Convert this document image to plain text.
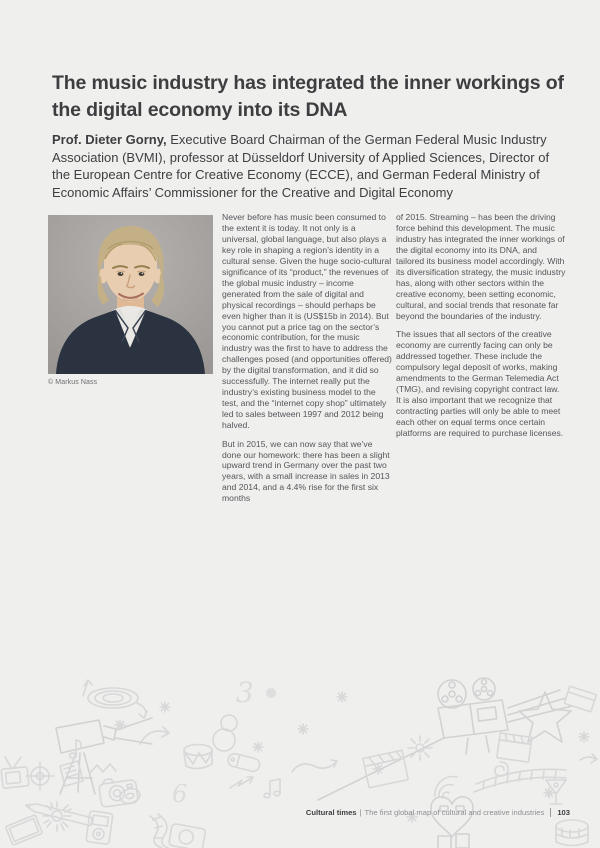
The music industry has integrated the inner workings of the digital economy into its DNA

Prof. Dieter Gorny, Executive Board Chairman of the German Federal Music Industry Association (BVMI), professor at Düsseldorf University of Applied Sciences, Director of the European Centre for Creative Economy (ECCE), and German Federal Ministry of Economic Affairs’ Commissioner for the Creative and Digital Economy

© Markus Nass

Never before has music been consumed to the extent it is today. It not only is a universal, global language, but also plays a key role in shaping a region’s identity in a cultural sense. Given the huge socio-cultural significance of its “product,” the revenues of the global music industry – income generated from the sale of digital and physical recordings – should perhaps be even higher than it is (US$15b in 2014). But you cannot put a price tag on the sector’s economic contribution, for the music industry was the first to have to address the challenges posed (and opportunities offered) by the digital transformation, and it did so successfully. The internet really put the industry’s existing business model to the test, and the “internet copy shop” ultimately led to sales between 1997 and 2012 being halved.

But in 2015, we can now say that we’ve done our homework: there has been a slight upward trend in Germany over the past two years, with a small increase in sales in 2013 and 2014, and a 4.4% rise for the first six months

of 2015. Streaming – has been the driving force behind this development. The music industry has integrated the inner workings of the digital economy into its DNA, and tailored its business model accordingly. With its diversification strategy, the music industry has, along with other sectors within the creative economy, been setting economic, cultural, and social trends that resonate far beyond the boundaries of the industry.

The issues that all sectors of the creative economy are currently facing can only be addressed together. These include the compulsory legal deposit of works, making amendments to the German Telemedia Act (TMG), and revising copyright contract law. It is also important that we recognize that contracting parties will only be able to meet each other on equal terms once certain platforms are required to purchase licenses.

3
6
Cultural times | The first global map of cultural and creative industries 103
